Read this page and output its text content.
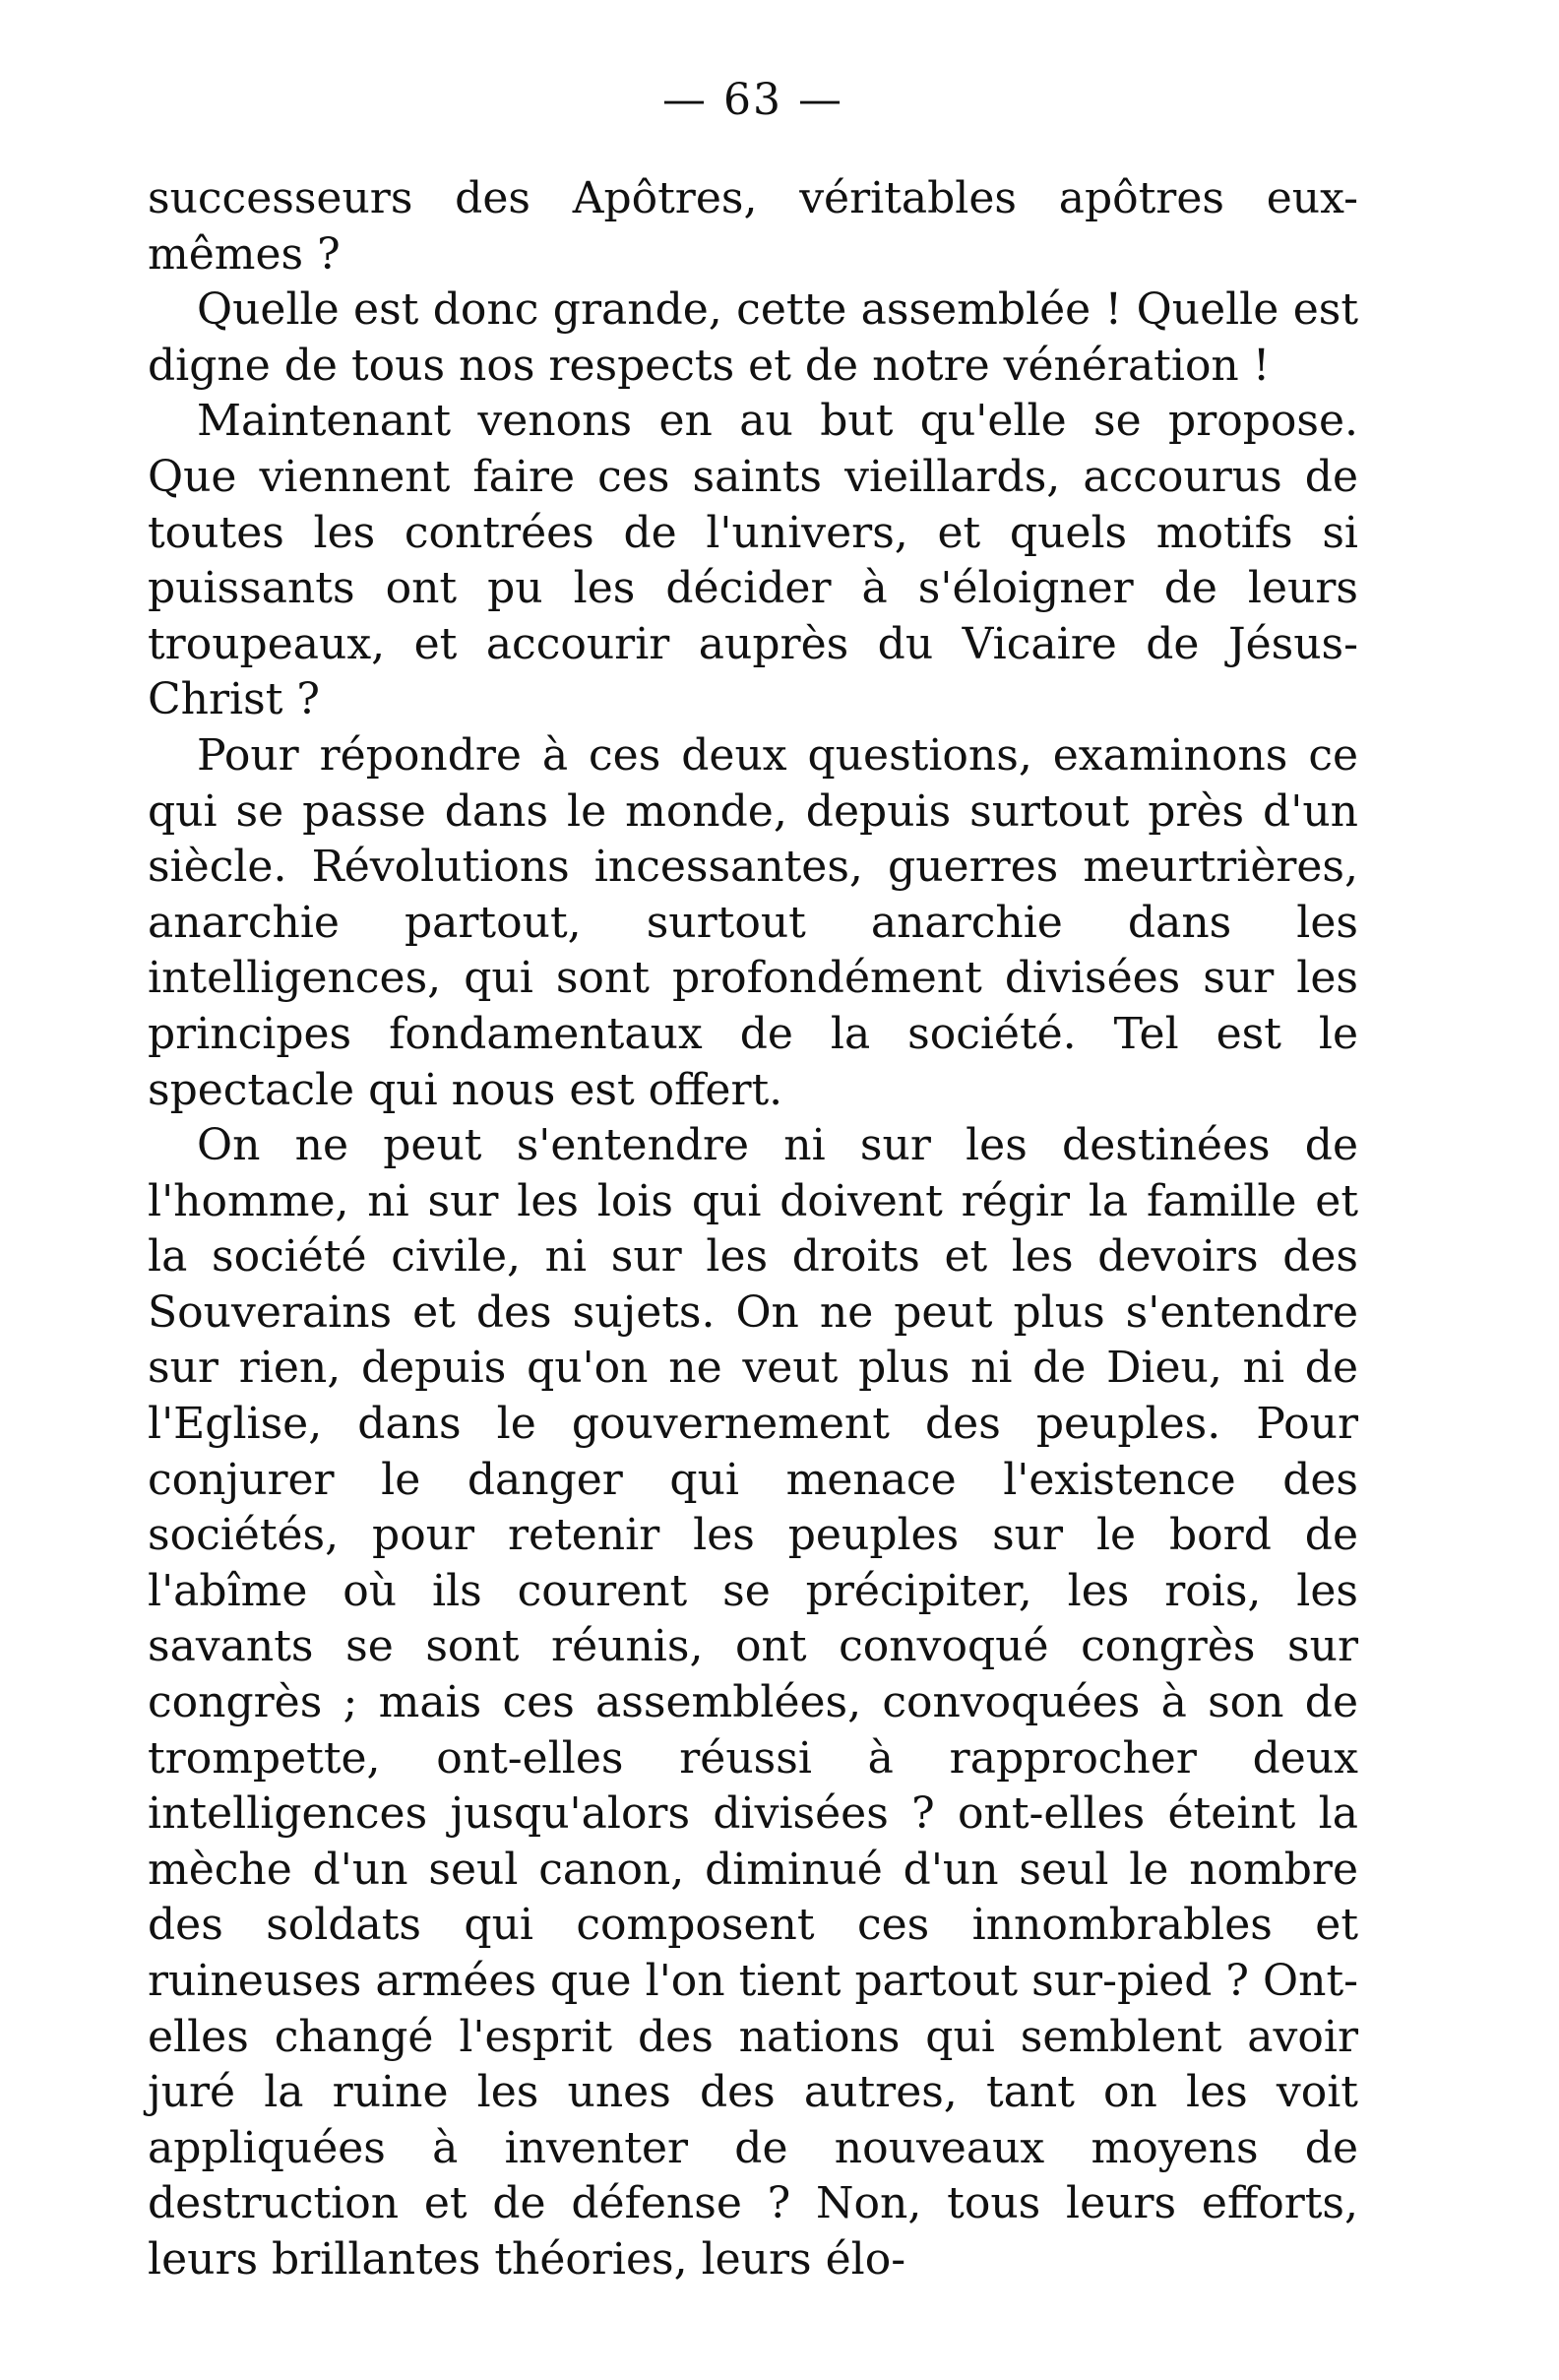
— 63 —

successeurs des Apôtres, véritables apôtres eux-mêmes ?

Quelle est donc grande, cette assemblée ! Quelle est digne de tous nos respects et de notre vénération !

Maintenant venons en au but qu'elle se propose. Que viennent faire ces saints vieillards, accourus de toutes les contrées de l'univers, et quels motifs si puissants ont pu les décider à s'éloigner de leurs troupeaux, et accourir auprès du Vicaire de Jésus-Christ ?

Pour répondre à ces deux questions, examinons ce qui se passe dans le monde, depuis surtout près d'un siècle. Révolutions incessantes, guerres meurtrières, anarchie partout, surtout anarchie dans les intelligences, qui sont profondément divisées sur les principes fondamentaux de la société. Tel est le spectacle qui nous est offert.

On ne peut s'entendre ni sur les destinées de l'homme, ni sur les lois qui doivent régir la famille et la société civile, ni sur les droits et les devoirs des Souverains et des sujets. On ne peut plus s'entendre sur rien, depuis qu'on ne veut plus ni de Dieu, ni de l'Eglise, dans le gouvernement des peuples. Pour conjurer le danger qui menace l'existence des sociétés, pour retenir les peuples sur le bord de l'abîme où ils courent se précipiter, les rois, les savants se sont réunis, ont convoqué congrès sur congrès ; mais ces assemblées, convoquées à son de trompette, ont-elles réussi à rapprocher deux intelligences jusqu'alors divisées ? ont-elles éteint la mèche d'un seul canon, diminué d'un seul le nombre des soldats qui composent ces innombrables et ruineuses armées que l'on tient partout sur-pied ? Ont-elles changé l'esprit des nations qui semblent avoir juré la ruine les unes des autres, tant on les voit appliquées à inventer de nouveaux moyens de destruction et de défense ? Non, tous leurs efforts, leurs brillantes théories, leurs élo-
